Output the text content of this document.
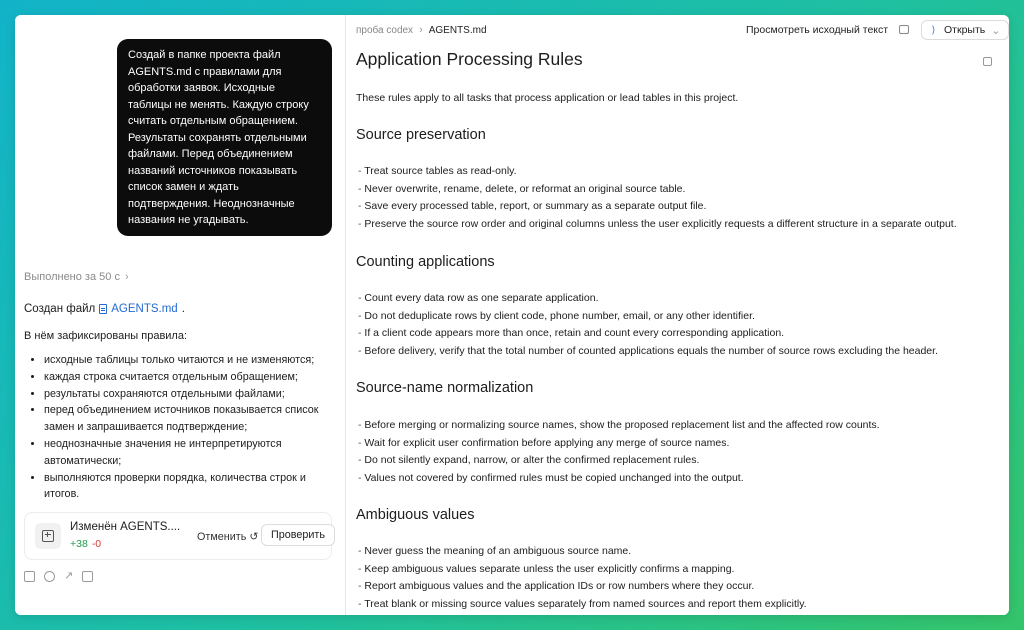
Создай в папке проекта файл AGENTS.md с правилами для обработки заявок. Исходные таблицы не менять. Каждую строку считать отдельным обращением. Результаты сохранять отдельными файлами. Перед объединением названий источников показывать список замен и ждать подтверждения. Неоднозначные названия не угадывать.
Выполнено за 50 с ›
Создан файл AGENTS.md .
В нём зафиксированы правила:
• исходные таблицы только читаются и не изменяются;
• каждая строка считается отдельным обращением;
• результаты сохраняются отдельными файлами;
• перед объединением источников показывается список замен и запрашивается подтверждение;
• неоднозначные значения не интерпретируются автоматически;
• выполняются проверки порядка, количества строк и итогов.
Изменён AGENTS....
+38 -0
Отменить ↺	Проверить
↗
проба codex › AGENTS.md	Просмотреть исходный текст	⟩ Открыть ⌄
Application Processing Rules

These rules apply to all tasks that process application or lead tables in this project.

Source preservation
- Treat source tables as read-only.
- Never overwrite, rename, delete, or reformat an original source table.
- Save every processed table, report, or summary as a separate output file.
- Preserve the source row order and original columns unless the user explicitly requests a different structure in a separate output.
Counting applications
- Count every data row as one separate application.
- Do not deduplicate rows by client code, phone number, email, or any other identifier.
- If a client code appears more than once, retain and count every corresponding application.
- Before delivery, verify that the total number of counted applications equals the number of source rows excluding the header.
Source-name normalization
- Before merging or normalizing source names, show the proposed replacement list and the affected row counts.
- Wait for explicit user confirmation before applying any merge of source names.
- Do not silently expand, narrow, or alter the confirmed replacement rules.
- Values not covered by confirmed rules must be copied unchanged into the output.
Ambiguous values
- Never guess the meaning of an ambiguous source name.
- Keep ambiguous values separate unless the user explicitly confirms a mapping.
- Report ambiguous values and the application IDs or row numbers where they occur.
- Treat blank or missing source values separately from named sources and report them explicitly.
